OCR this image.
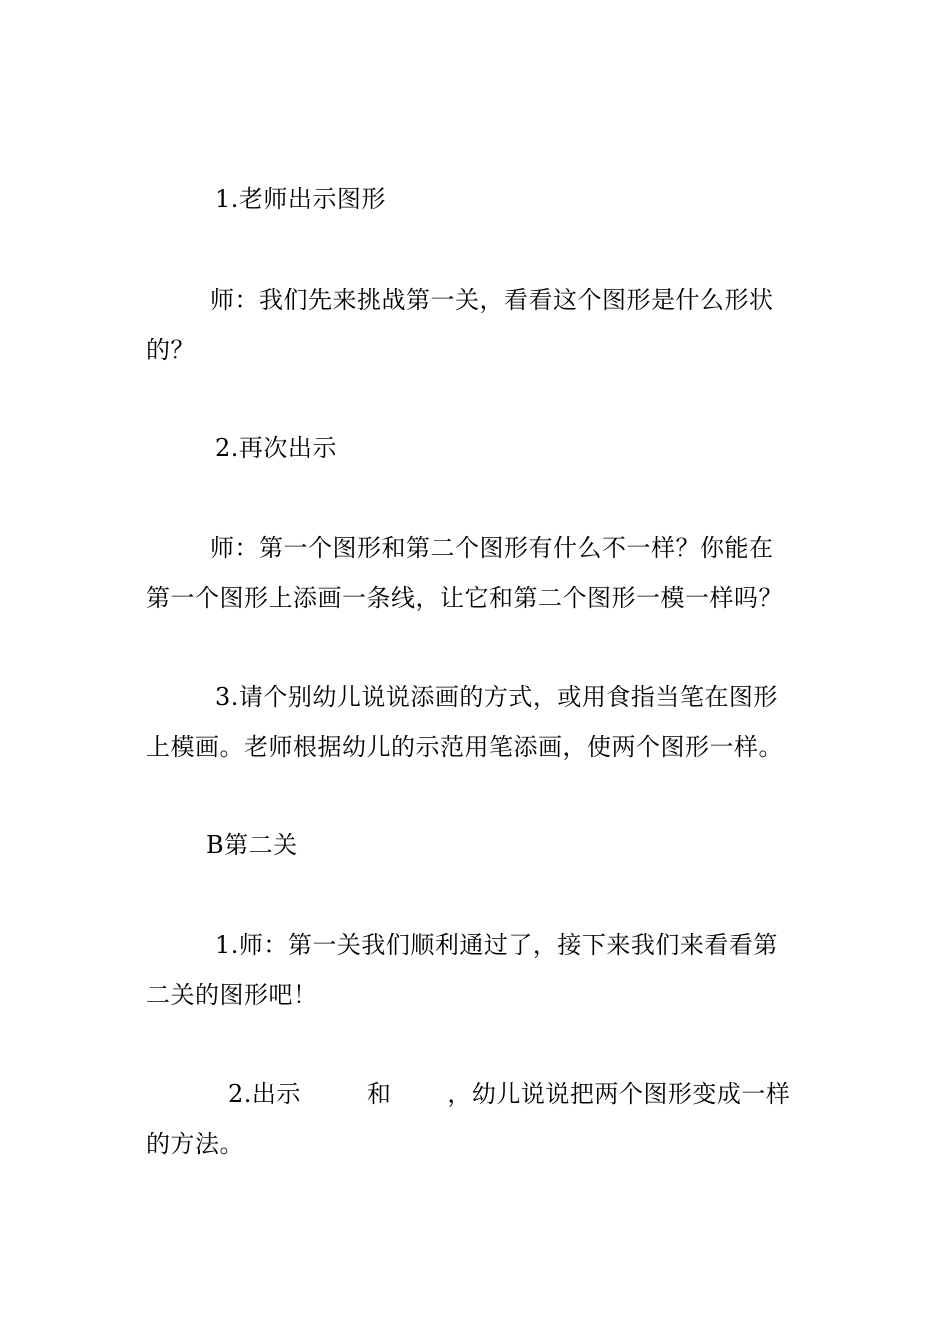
1.老师出示图形
师：我们先来挑战第一关，看看这个图形是什么形状
的？
2.再次出示
师：第一个图形和第二个图形有什么不一样？你能在
第一个图形上添画一条线，让它和第二个图形一模一样吗？
3.请个别幼儿说说添画的方式，或用食指当笔在图形
上模画。老师根据幼儿的示范用笔添画，使两个图形一样。
B第二关
1.师：第一关我们顺利通过了，接下来我们来看看第
二关的图形吧！
2.出示	和 ，幼儿说说把两个图形变成一样
的方法。
